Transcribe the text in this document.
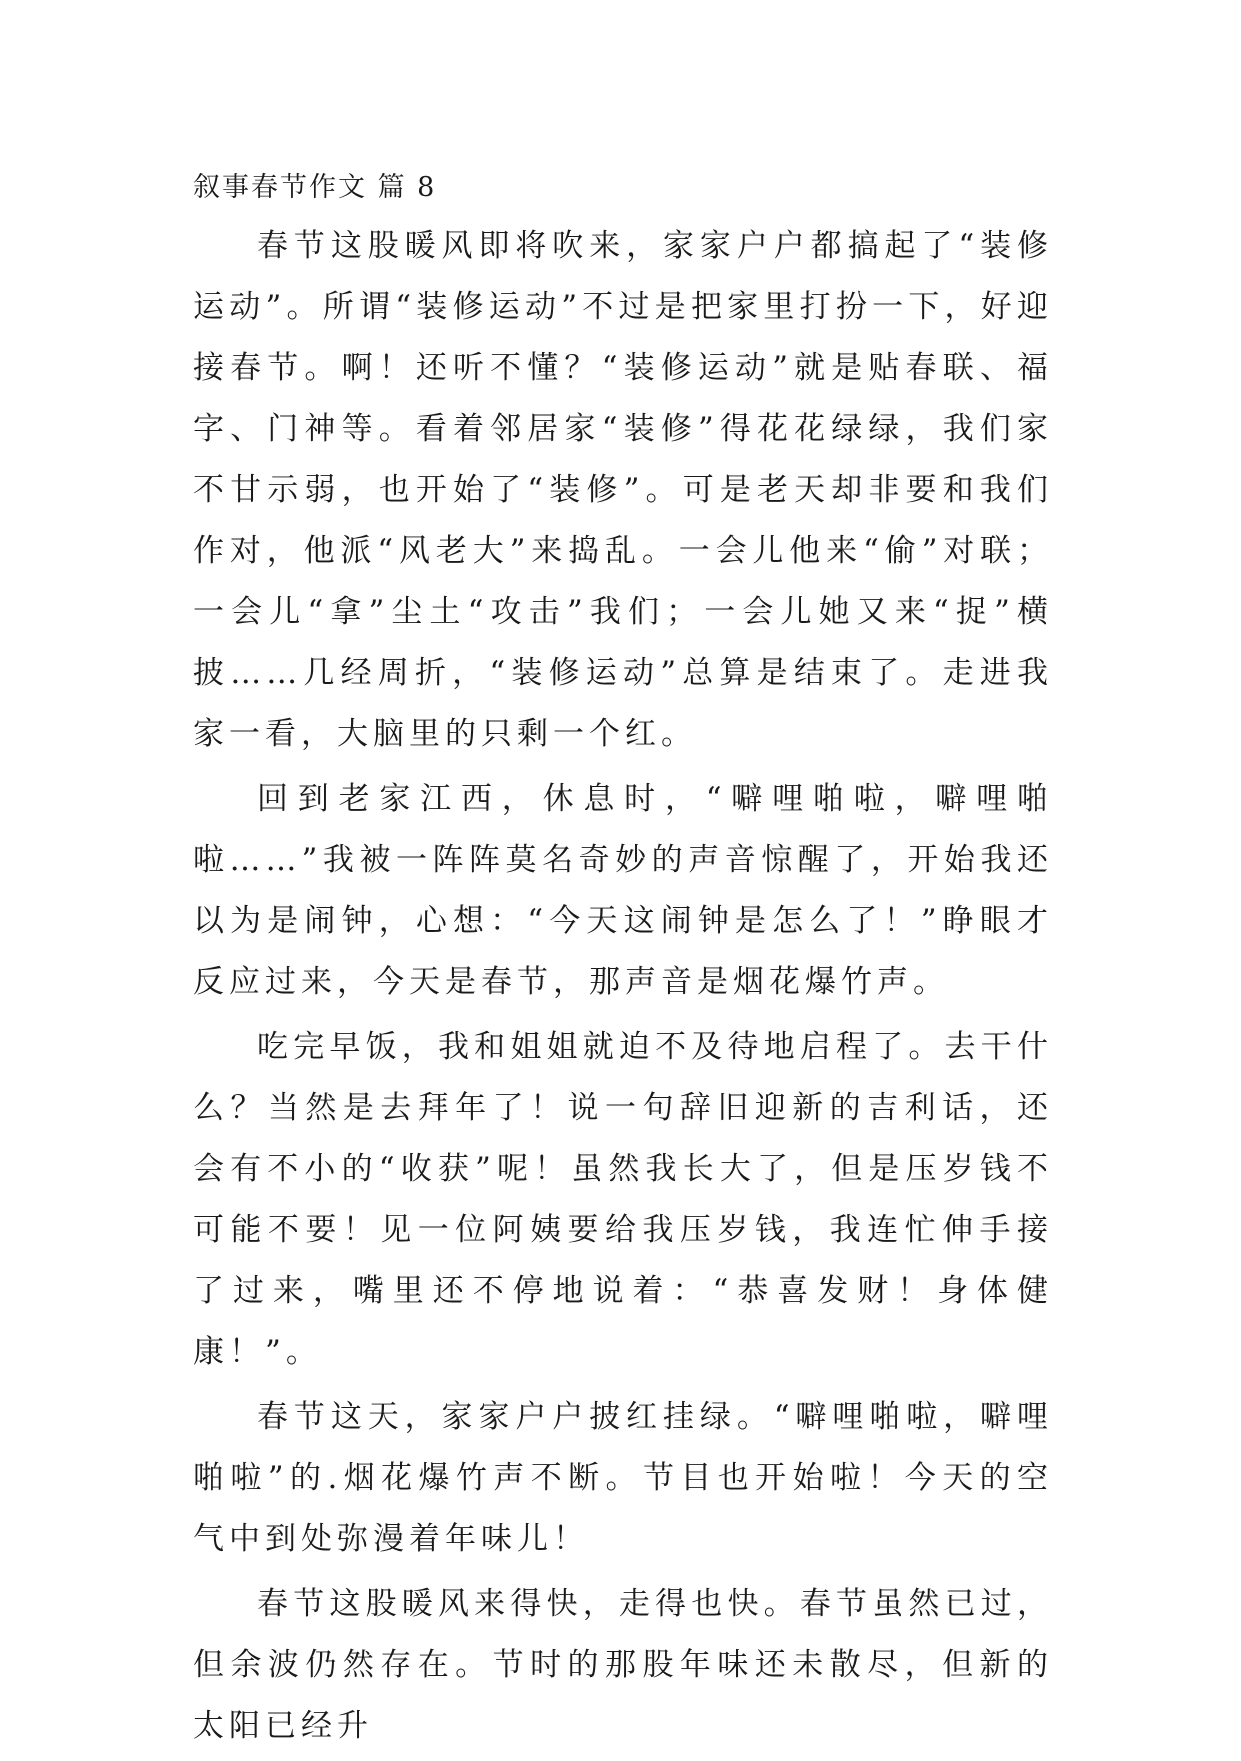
叙事春节作文 篇 8

春节这股暖风即将吹来，家家户户都搞起了“装修运动”。所谓“装修运动”不过是把家里打扮一下，好迎接春节。啊！还听不懂？“装修运动”就是贴春联、福字、门神等。看着邻居家“装修”得花花绿绿，我们家不甘示弱，也开始了“装修”。可是老天却非要和我们作对，他派“风老大”来捣乱。一会儿他来“偷”对联；一会儿“拿”尘土“攻击”我们；一会儿她又来“捉”横披……几经周折，“装修运动”总算是结束了。走进我家一看，大脑里的只剩一个红。

回到老家江西，休息时，“噼哩啪啦，噼哩啪啦……”我被一阵阵莫名奇妙的声音惊醒了，开始我还以为是闹钟，心想：“今天这闹钟是怎么了！”睁眼才反应过来，今天是春节，那声音是烟花爆竹声。

吃完早饭，我和姐姐就迫不及待地启程了。去干什么？当然是去拜年了！说一句辞旧迎新的吉利话，还会有不小的“收获”呢！虽然我长大了，但是压岁钱不可能不要！见一位阿姨要给我压岁钱，我连忙伸手接了过来，嘴里还不停地说着：“恭喜发财！身体健康！”。

春节这天，家家户户披红挂绿。“噼哩啪啦，噼哩啪啦”的.烟花爆竹声不断。节目也开始啦！今天的空气中到处弥漫着年味儿！

春节这股暖风来得快，走得也快。春节虽然已过，但余波仍然存在。节时的那股年味还未散尽，但新的太阳已经升
